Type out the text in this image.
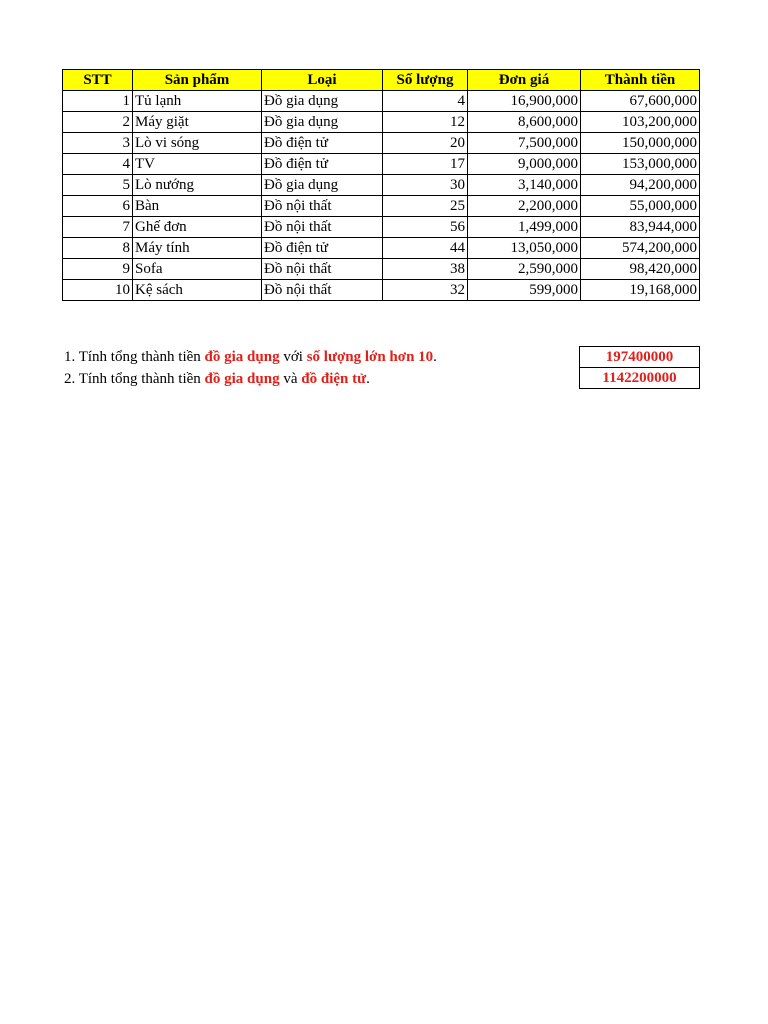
STT	Sản phẩm	Loại	Số lượng	Đơn giá	Thành tiền
1	Tủ lạnh	Đồ gia dụng	4	16,900,000	67,600,000
2	Máy giặt	Đồ gia dụng	12	8,600,000	103,200,000
3	Lò vi sóng	Đồ điện tử	20	7,500,000	150,000,000
4	TV	Đồ điện tử	17	9,000,000	153,000,000
5	Lò nướng	Đồ gia dụng	30	3,140,000	94,200,000
6	Bàn	Đồ nội thất	25	2,200,000	55,000,000
7	Ghế đơn	Đồ nội thất	56	1,499,000	83,944,000
8	Máy tính	Đồ điện tử	44	13,050,000	574,200,000
9	Sofa	Đồ nội thất	38	2,590,000	98,420,000
10	Kệ sách	Đồ nội thất	32	599,000	19,168,000
1. Tính tổng thành tiền đồ gia dụng với số lượng lớn hơn 10.
2. Tính tổng thành tiền đồ gia dụng và đồ điện tử.
197400000
1142200000
